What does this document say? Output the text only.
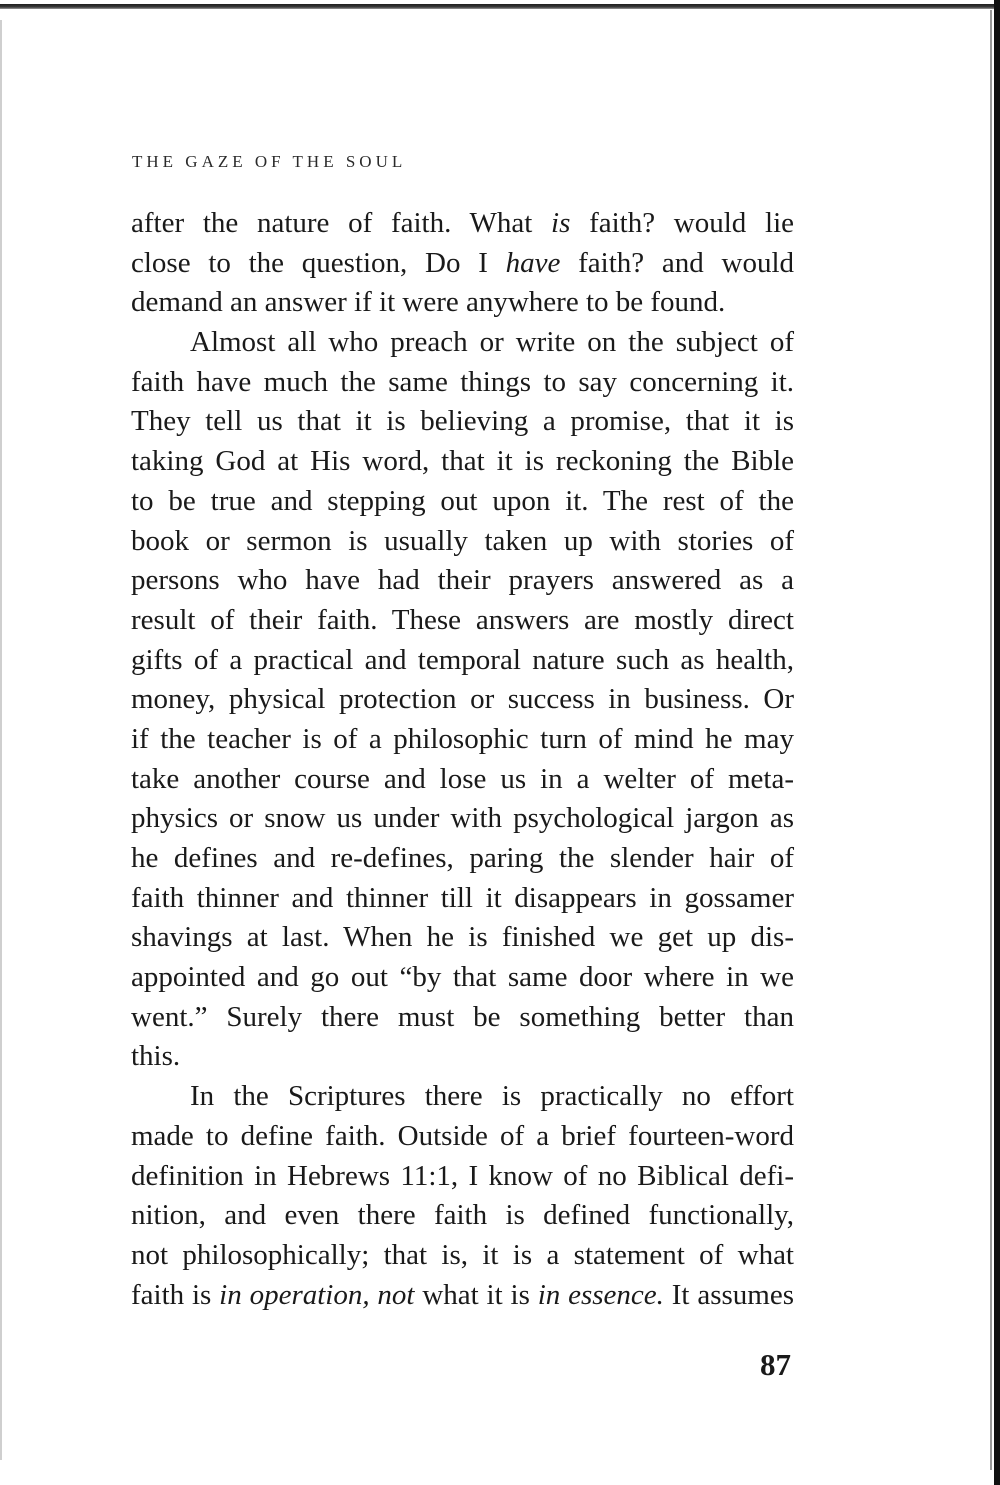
THE GAZE OF THE SOUL
after the nature of faith. What is faith? would lie
close to the question, Do I have faith? and would
demand an answer if it were anywhere to be found.
Almost all who preach or write on the subject of
faith have much the same things to say concerning it.
They tell us that it is believing a promise, that it is
taking God at His word, that it is reckoning the Bible
to be true and stepping out upon it. The rest of the
book or sermon is usually taken up with stories of
persons who have had their prayers answered as a
result of their faith. These answers are mostly direct
gifts of a practical and temporal nature such as health,
money, physical protection or success in business. Or
if the teacher is of a philosophic turn of mind he may
take another course and lose us in a welter of meta-
physics or snow us under with psychological jargon as
he defines and re-defines, paring the slender hair of
faith thinner and thinner till it disappears in gossamer
shavings at last. When he is finished we get up dis-
appointed and go out “by that same door where in we
went.” Surely there must be something better than
this.
In the Scriptures there is practically no effort
made to define faith. Outside of a brief fourteen-word
definition in Hebrews 11:1, I know of no Biblical defi-
nition, and even there faith is defined functionally,
not philosophically; that is, it is a statement of what
faith is in operation, not what it is in essence. It assumes
87
